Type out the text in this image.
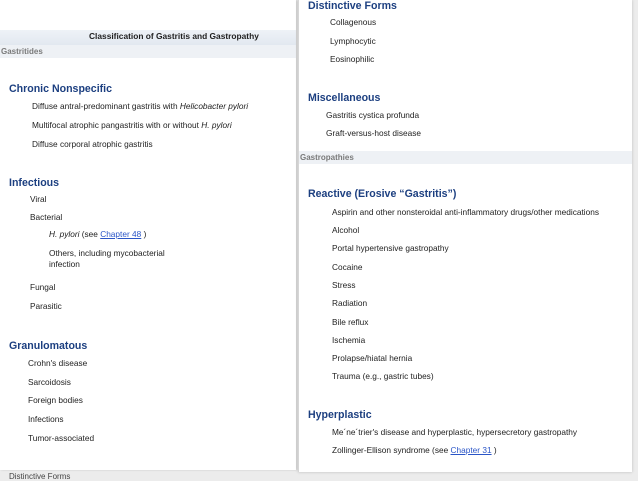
Classification of Gastritis and Gastropathy
Gastritides
Chronic Nonspecific
Diffuse antral-predominant gastritis with Helicobacter pylori
Multifocal atrophic pangastritis with or without H. pylori
Diffuse corporal atrophic gastritis
Infectious
Viral
Bacterial
H. pylori (see Chapter 48 )
Others, including mycobacterial
infection
Fungal
Parasitic
Granulomatous
Crohn's disease
Sarcoidosis
Foreign bodies
Infections
Tumor-associated
Distinctive Forms
Distinctive Forms
Collagenous
Lymphocytic
Eosinophilic
Miscellaneous
Gastritis cystica profunda
Graft-versus-host disease
Gastropathies
Reactive (Erosive “Gastritis”)
Aspirin and other nonsteroidal anti-inflammatory drugs/other medications
Alcohol
Portal hypertensive gastropathy
Cocaine
Stress
Radiation
Bile reflux
Ischemia
Prolapse/hiatal hernia
Trauma (e.g., gastric tubes)
Hyperplastic
Me´ne´trier's disease and hyperplastic, hypersecretory gastropathy
Zollinger-Ellison syndrome (see Chapter 31 )
